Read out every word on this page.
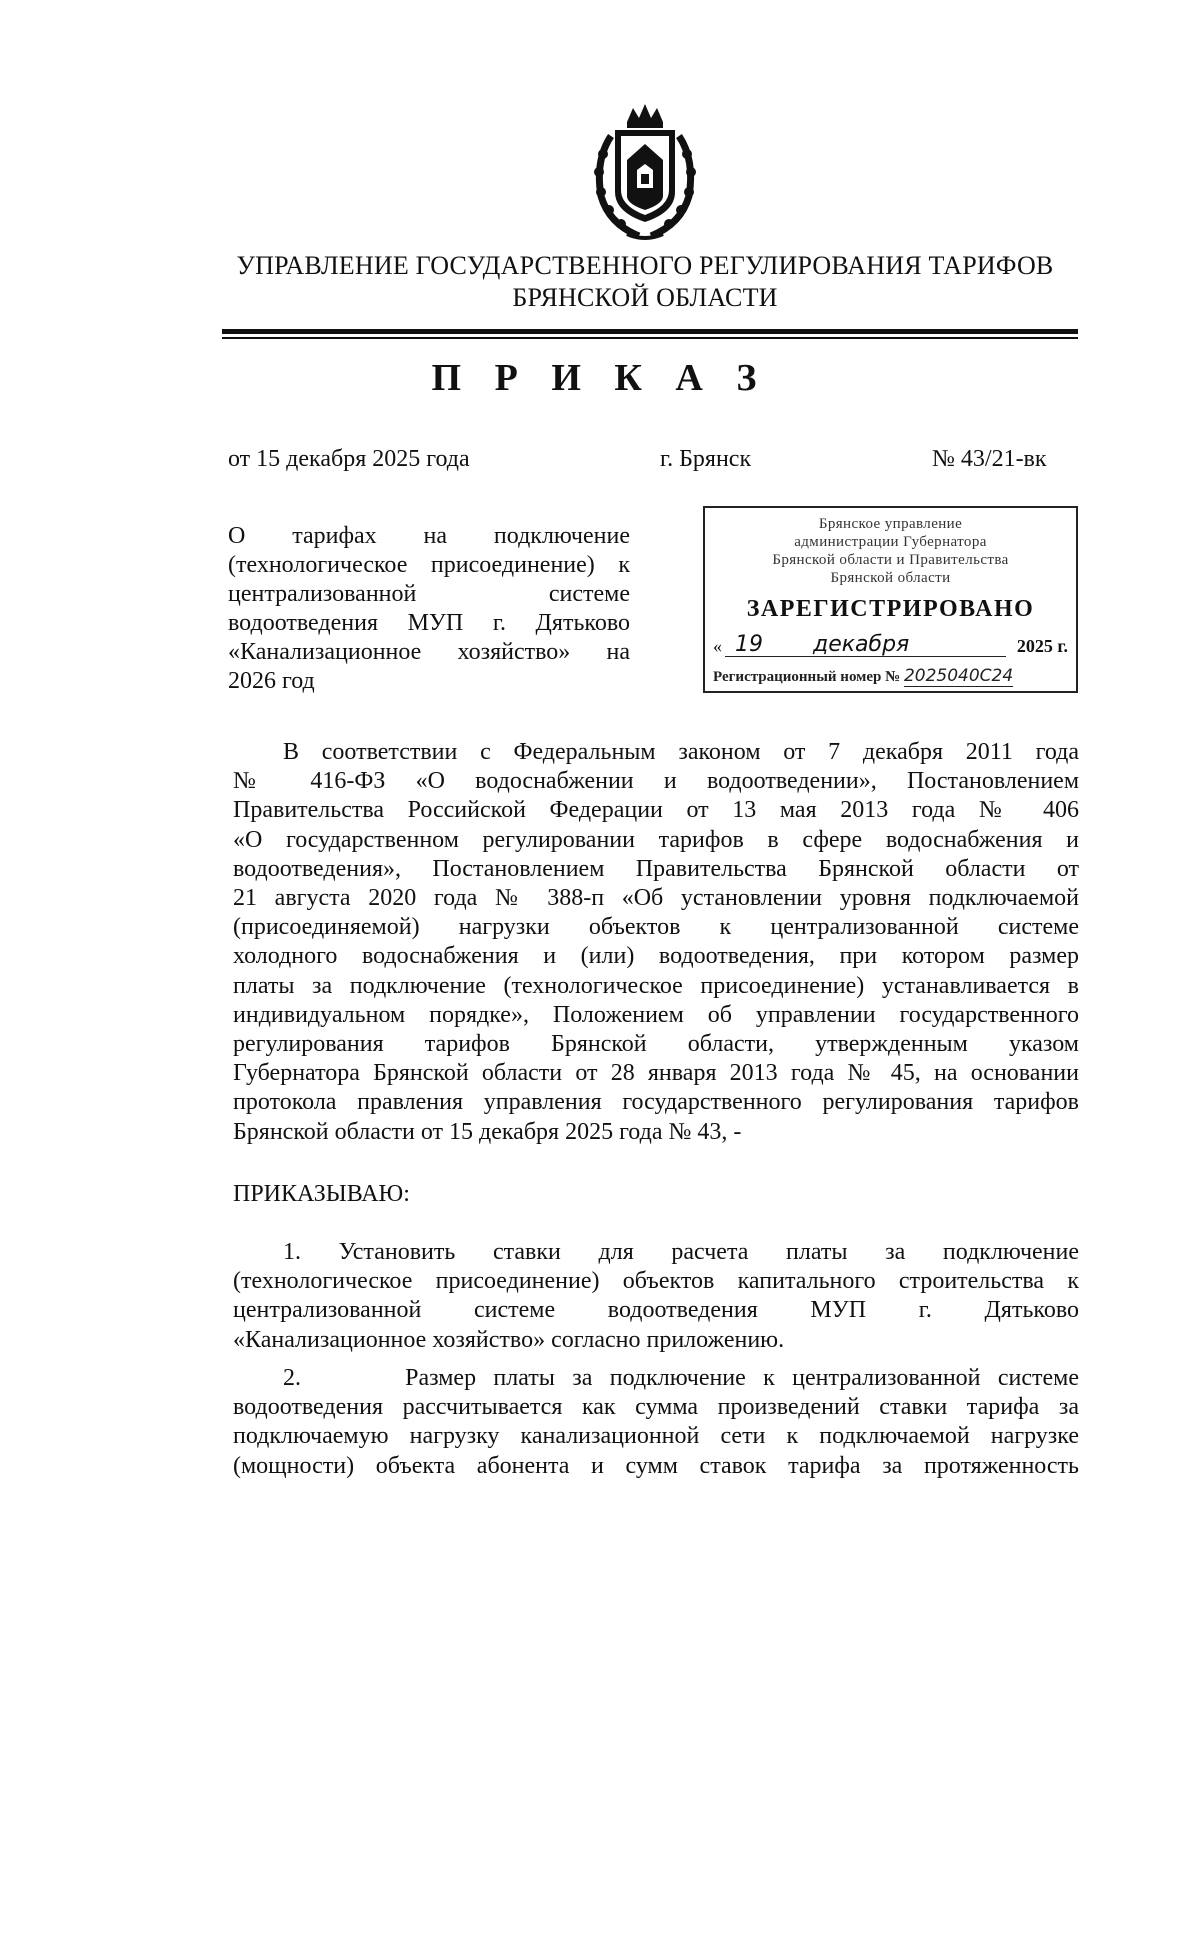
УПРАВЛЕНИЕ ГОСУДАРСТВЕННОГО РЕГУЛИРОВАНИЯ ТАРИФОВ
БРЯНСКОЙ ОБЛАСТИ
П Р И К А З
от 15 декабря 2025 года	г. Брянск	№ 43/21-вк
О тарифах на подключение
(технологическое присоединение) к
централизованной системе
водоотведения МУП г. Дятьково
«Канализационное хозяйство» на
2026 год
Брянское управление
администрации Губернатора
Брянской области и Правительства
Брянской области
ЗАРЕГИСТРИРОВАНО
« 19 декабря	2025 г.
Регистрационный номер № 2025040С24
В соответствии с Федеральным законом от 7 декабря 2011 года
№ 416-ФЗ «О водоснабжении и водоотведении», Постановлением
Правительства Российской Федерации от 13 мая 2013 года № 406
«О государственном регулировании тарифов в сфере водоснабжения и
водоотведения», Постановлением Правительства Брянской области от
21 августа 2020 года № 388-п «Об установлении уровня подключаемой
(присоединяемой) нагрузки объектов к централизованной системе
холодного водоснабжения и (или) водоотведения, при котором размер
платы за подключение (технологическое присоединение) устанавливается в
индивидуальном порядке», Положением об управлении государственного
регулирования тарифов Брянской области, утвержденным указом
Губернатора Брянской области от 28 января 2013 года № 45, на основании
протокола правления управления государственного регулирования тарифов
Брянской области от 15 декабря 2025 года № 43, -
ПРИКАЗЫВАЮ:
1. Установить ставки для расчета платы за подключение
(технологическое присоединение) объектов капитального строительства к
централизованной системе водоотведения МУП г. Дятьково
«Канализационное хозяйство» согласно приложению.
2.      Размер платы за подключение к централизованной системе
водоотведения рассчитывается как сумма произведений ставки тарифа за
подключаемую нагрузку канализационной сети к подключаемой нагрузке
(мощности) объекта абонента и сумм ставок тарифа за протяженность
